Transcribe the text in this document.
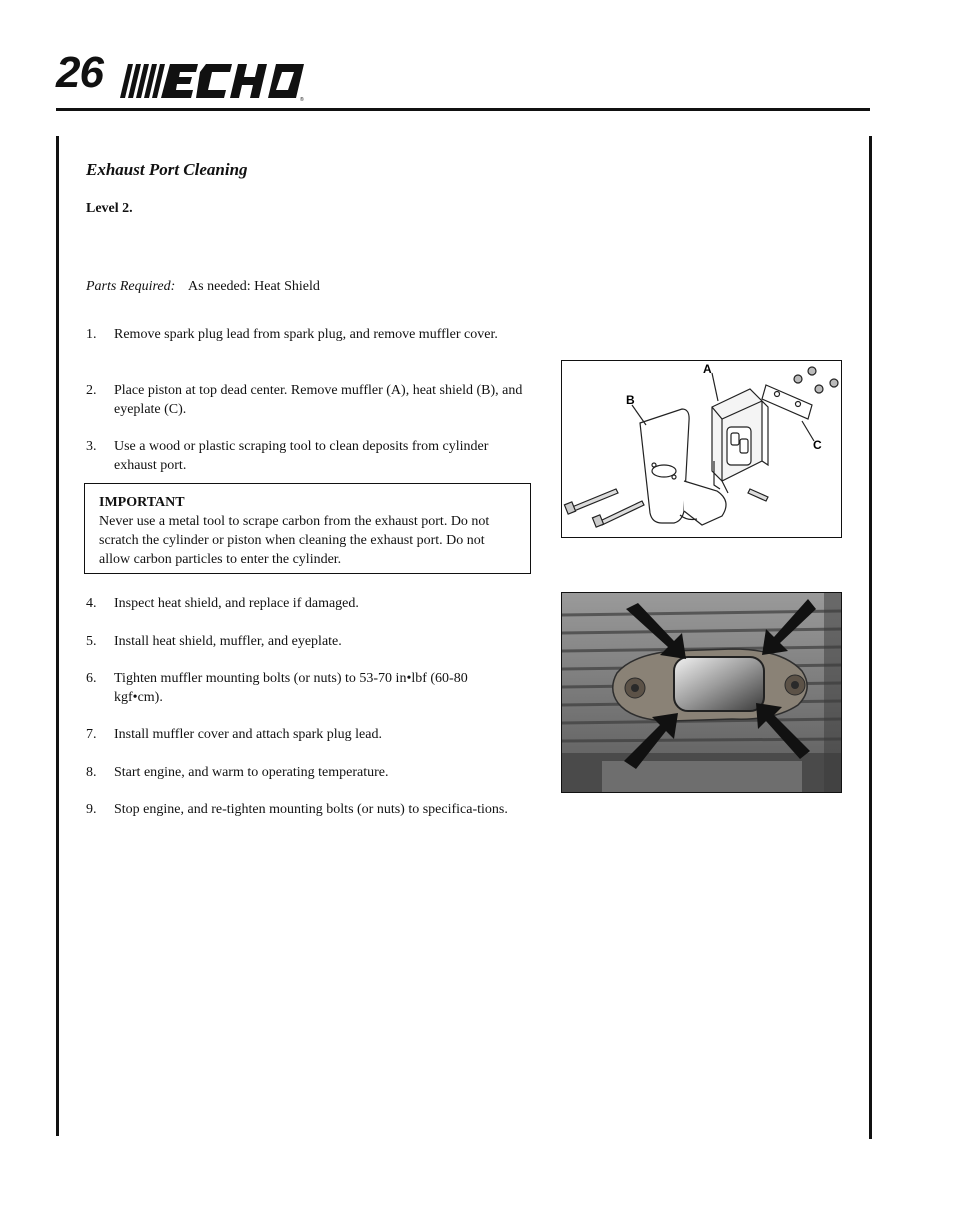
26
®
Exhaust Port Cleaning
Level 2.
Parts Required: As needed: Heat Shield
1. Remove spark plug lead from spark plug, and remove muffler cover.
2. Place piston at top dead center. Remove muffler (A), heat shield (B), and eyeplate (C).
3. Use a wood or plastic scraping tool to clean deposits from cylinder exhaust port.
IMPORTANT
Never use a metal tool to scrape carbon from the exhaust port. Do not scratch the cylinder or piston when cleaning the exhaust port. Do not allow carbon particles to enter the cylinder.
4. Inspect heat shield, and replace if damaged.
5. Install heat shield, muffler, and eyeplate.
6. Tighten muffler mounting bolts (or nuts) to 53-70 in•lbf (60-80 kgf•cm).
7. Install muffler cover and attach spark plug lead.
8. Start engine, and warm to operating temperature.
9. Stop engine, and re-tighten mounting bolts (or nuts) to specifica-tions.
A
B
C
